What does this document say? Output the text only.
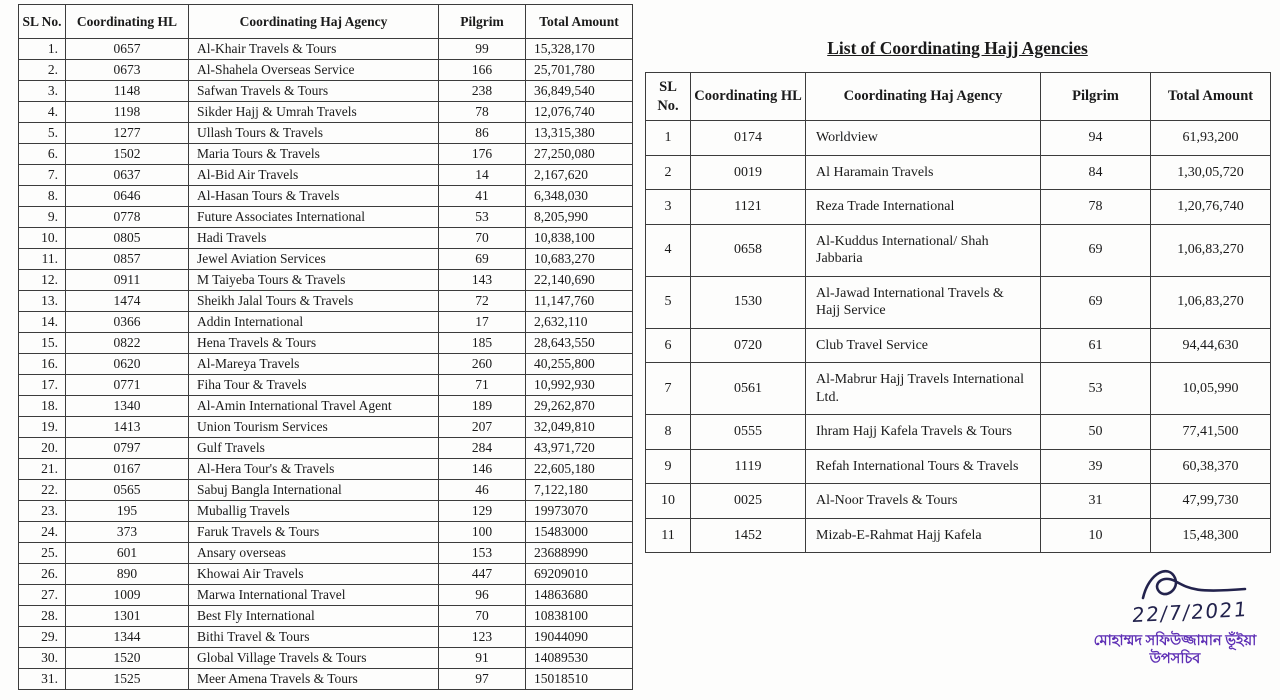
SL No.	Coordinating HL	Coordinating Haj Agency	Pilgrim	Total Amount
1.	0657	Al-Khair Travels & Tours	99	15,328,170
2.	0673	Al-Shahela Overseas Service	166	25,701,780
3.	1148	Safwan Travels & Tours	238	36,849,540
4.	1198	Sikder Hajj & Umrah Travels	78	12,076,740
5.	1277	Ullash Tours & Travels	86	13,315,380
6.	1502	Maria Tours & Travels	176	27,250,080
7.	0637	Al-Bid Air Travels	14	2,167,620
8.	0646	Al-Hasan Tours & Travels	41	6,348,030
9.	0778	Future Associates International	53	8,205,990
10.	0805	Hadi Travels	70	10,838,100
11.	0857	Jewel Aviation Services	69	10,683,270
12.	0911	M Taiyeba Tours & Travels	143	22,140,690
13.	1474	Sheikh Jalal Tours & Travels	72	11,147,760
14.	0366	Addin International	17	2,632,110
15.	0822	Hena Travels & Tours	185	28,643,550
16.	0620	Al-Mareya Travels	260	40,255,800
17.	0771	Fiha Tour & Travels	71	10,992,930
18.	1340	Al-Amin International Travel Agent	189	29,262,870
19.	1413	Union Tourism Services	207	32,049,810
20.	0797	Gulf Travels	284	43,971,720
21.	0167	Al-Hera Tour's & Travels	146	22,605,180
22.	0565	Sabuj Bangla International	46	7,122,180
23.	195	Muballig Travels	129	19973070
24.	373	Faruk Travels & Tours	100	15483000
25.	601	Ansary overseas	153	23688990
26.	890	Khowai Air Travels	447	69209010
27.	1009	Marwa International Travel	96	14863680
28.	1301	Best Fly International	70	10838100
29.	1344	Bithi Travel & Tours	123	19044090
30.	1520	Global Village Travels & Tours	91	14089530
31.	1525	Meer Amena Travels & Tours	97	15018510
List of Coordinating Hajj Agencies
SL No.	Coordinating HL	Coordinating Haj Agency	Pilgrim	Total Amount
1	0174	Worldview	94	61,93,200
2	0019	Al Haramain Travels	84	1,30,05,720
3	1121	Reza Trade International	78	1,20,76,740
4	0658	Al-Kuddus International/ Shah Jabbaria	69	1,06,83,270
5	1530	Al-Jawad International Travels & Hajj Service	69	1,06,83,270
6	0720	Club Travel Service	61	94,44,630
7	0561	Al-Mabrur Hajj Travels International Ltd.	53	10,05,990
8	0555	Ihram Hajj Kafela Travels & Tours	50	77,41,500
9	1119	Refah International Tours & Travels	39	60,38,370
10	0025	Al-Noor Travels & Tours	31	47,99,730
11	1452	Mizab-E-Rahmat Hajj Kafela	10	15,48,300
22/7/2021
মোহাম্মদ সফিউজ্জামান ভূঁইয়া
উপসচিব
